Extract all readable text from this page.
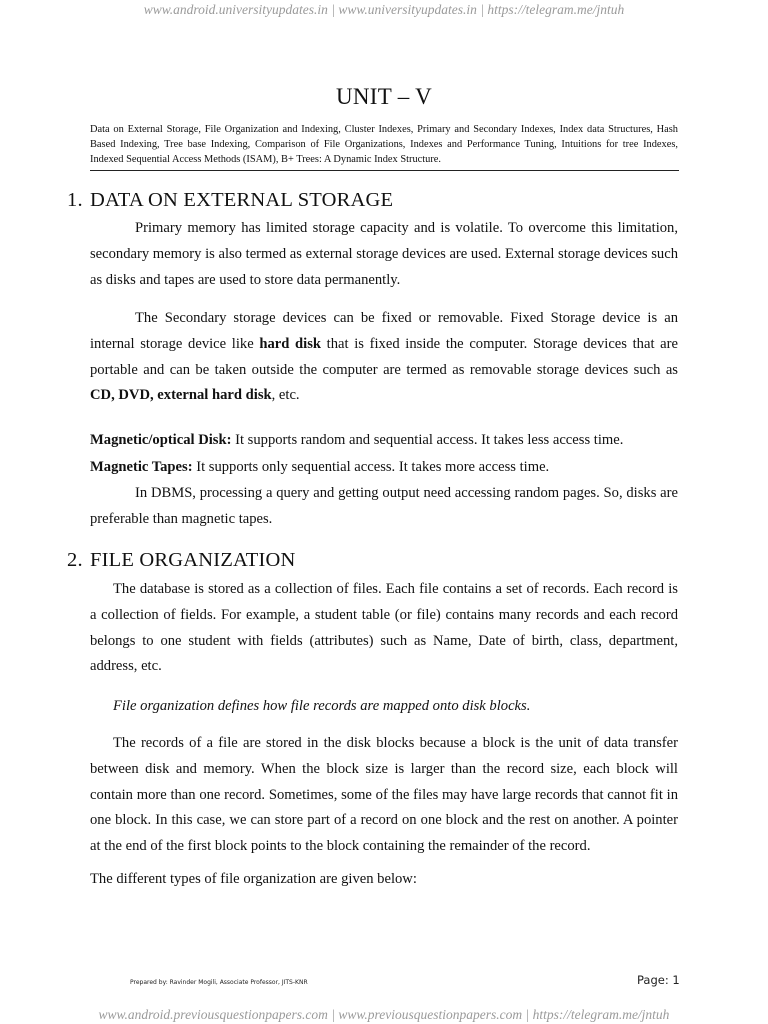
www.android.universityupdates.in | www.universityupdates.in | https://telegram.me/jntuh
UNIT – V
Data on External Storage, File Organization and Indexing, Cluster Indexes, Primary and Secondary Indexes, Index data Structures, Hash Based Indexing, Tree base Indexing, Comparison of File Organizations, Indexes and Performance Tuning, Intuitions for tree Indexes, Indexed Sequential Access Methods (ISAM), B+ Trees: A Dynamic Index Structure.
1. DATA ON EXTERNAL STORAGE
Primary memory has limited storage capacity and is volatile. To overcome this limitation, secondary memory is also termed as external storage devices are used. External storage devices such as disks and tapes are used to store data permanently.
The Secondary storage devices can be fixed or removable. Fixed Storage device is an internal storage device like hard disk that is fixed inside the computer. Storage devices that are portable and can be taken outside the computer are termed as removable storage devices such as CD, DVD, external hard disk, etc.
Magnetic/optical Disk: It supports random and sequential access. It takes less access time.
Magnetic Tapes: It supports only sequential access. It takes more access time.
In DBMS, processing a query and getting output need accessing random pages. So, disks are preferable than magnetic tapes.
2. FILE ORGANIZATION
The database is stored as a collection of files. Each file contains a set of records. Each record is a collection of fields. For example, a student table (or file) contains many records and each record belongs to one student with fields (attributes) such as Name, Date of birth, class, department, address, etc.
File organization defines how file records are mapped onto disk blocks.
The records of a file are stored in the disk blocks because a block is the unit of data transfer between disk and memory. When the block size is larger than the record size, each block will contain more than one record. Sometimes, some of the files may have large records that cannot fit in one block. In this case, we can store part of a record on one block and the rest on another. A pointer at the end of the first block points to the block containing the remainder of the record.
The different types of file organization are given below:
Prepared by: Ravinder Mogili, Associate Professor, JITS-KNR	Page: 1
www.android.previousquestionpapers.com | www.previousquestionpapers.com | https://telegram.me/jntuh
